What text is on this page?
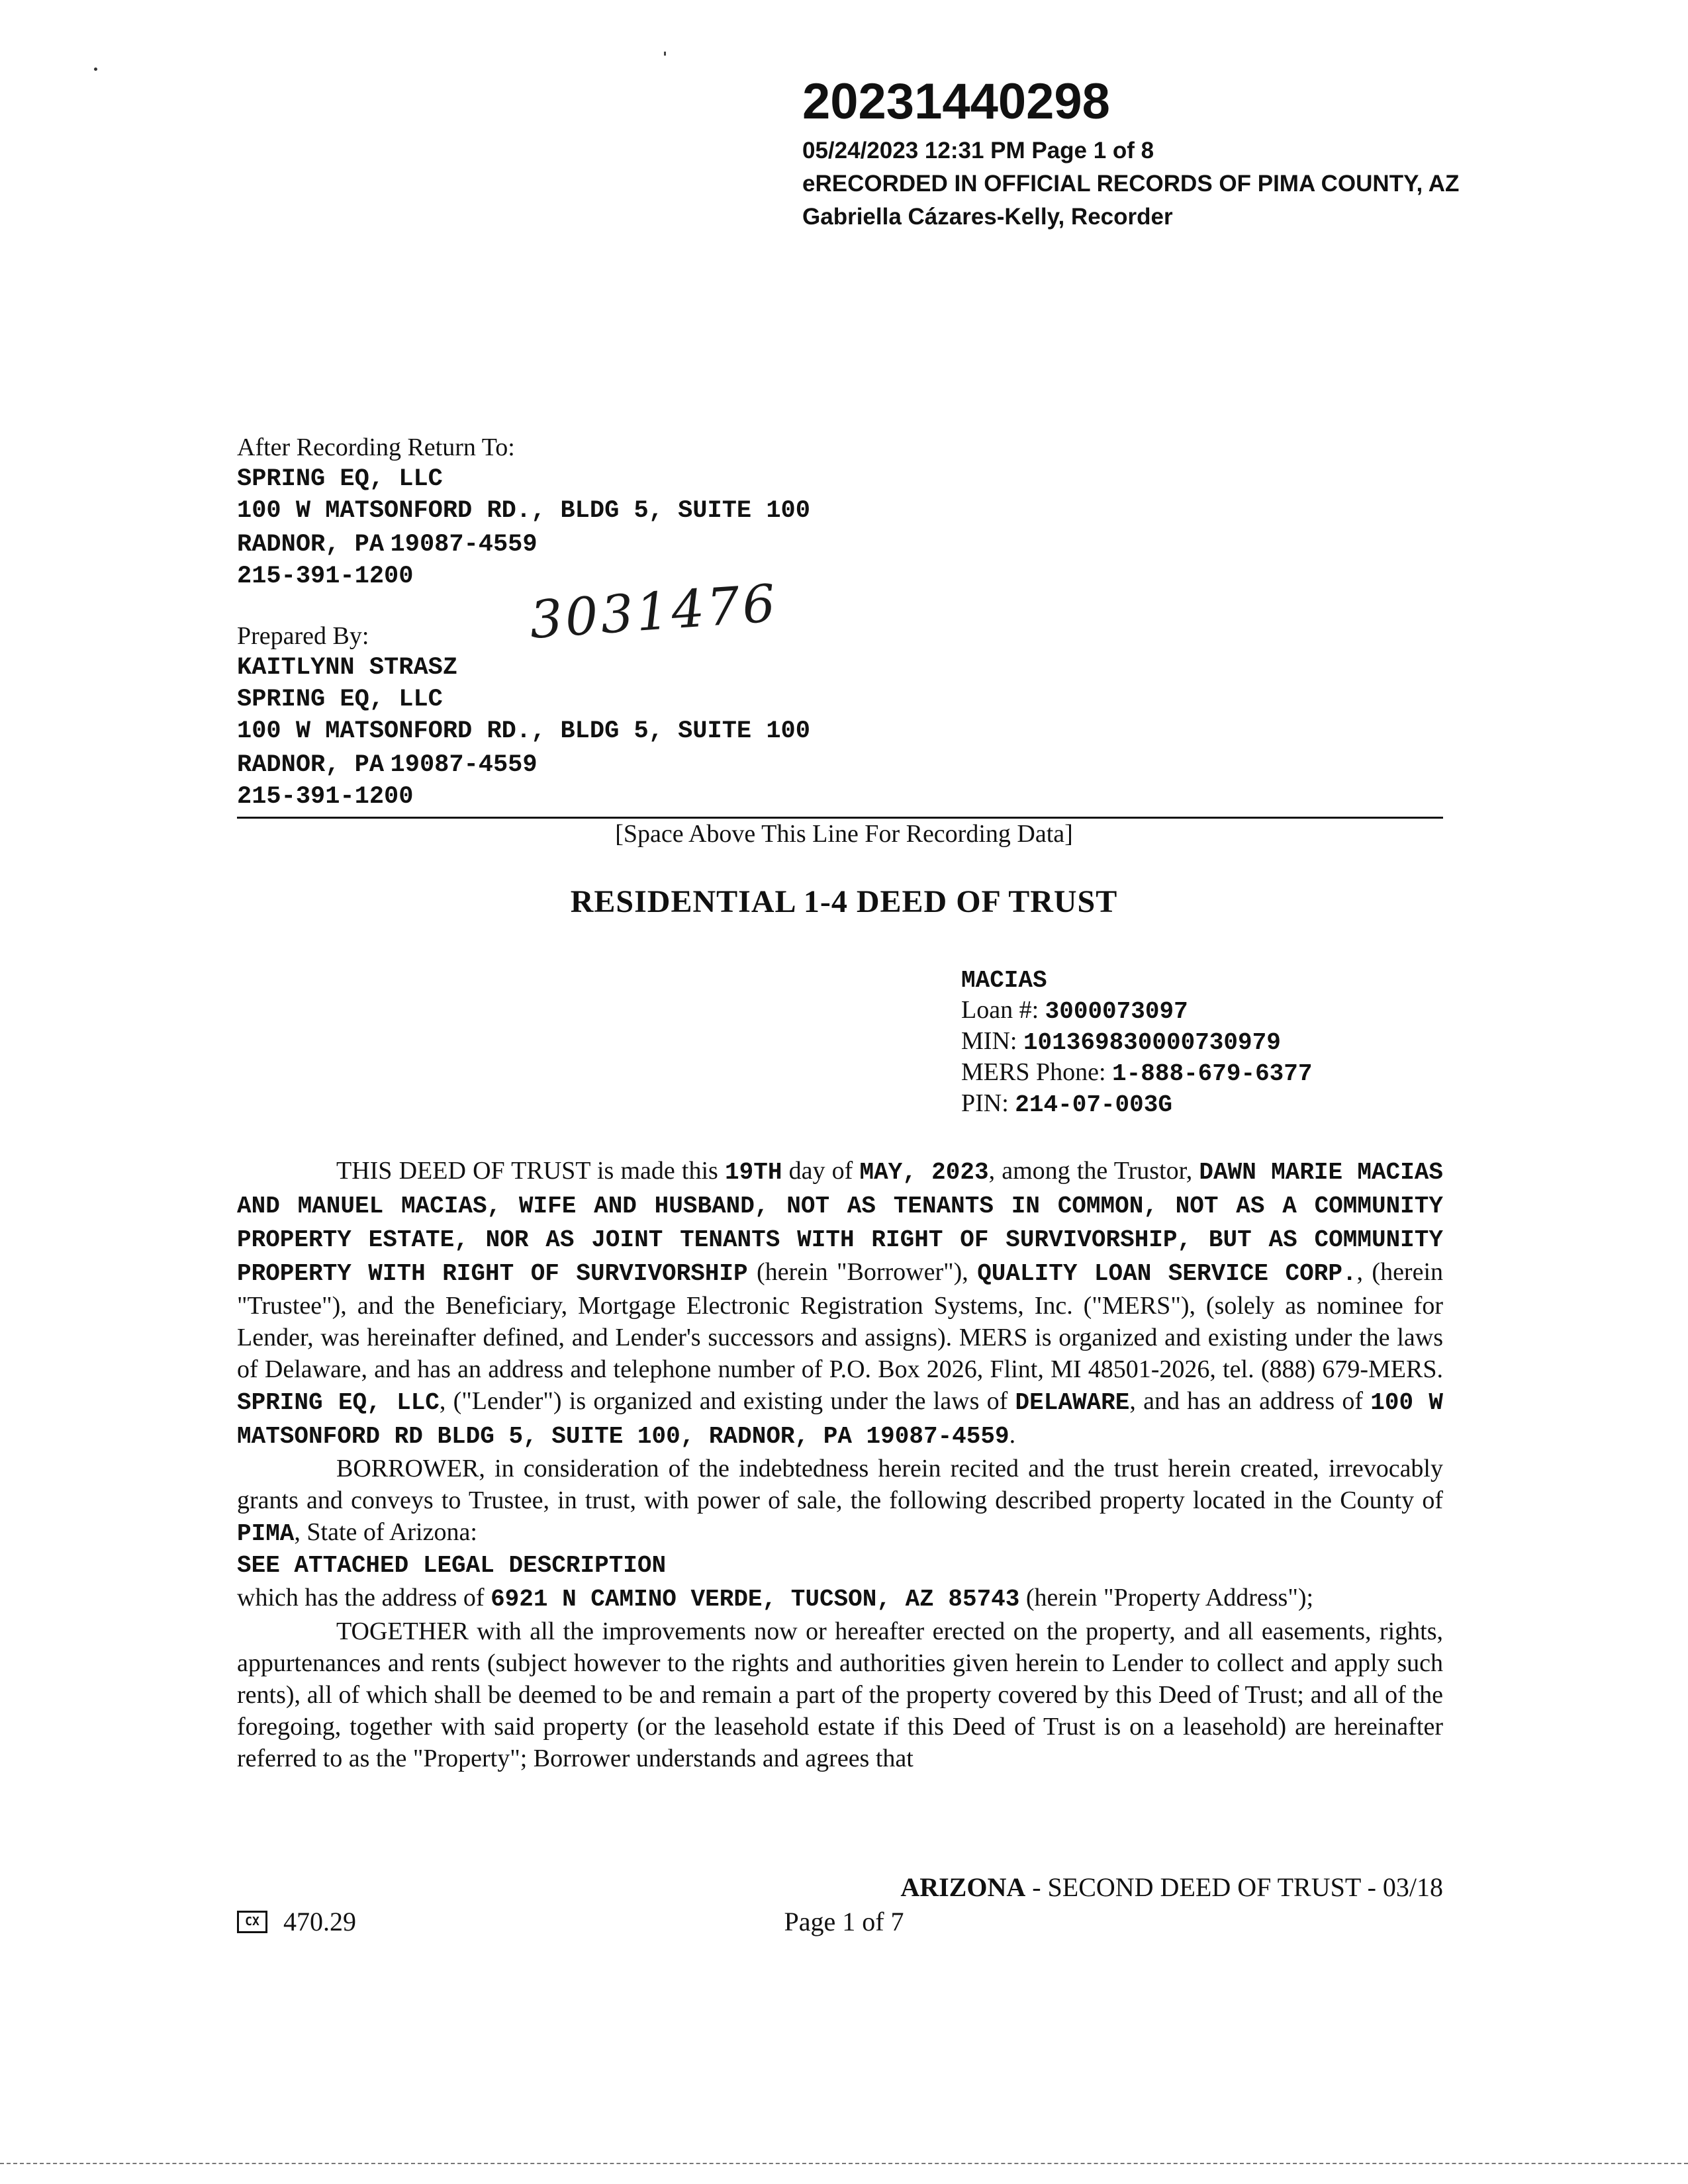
20231440298
05/24/2023 12:31 PM Page 1 of 8
eRECORDED IN OFFICIAL RECORDS OF PIMA COUNTY, AZ
Gabriella Cázares-Kelly, Recorder
After Recording Return To:
SPRING EQ, LLC
100 W MATSONFORD RD., BLDG 5, SUITE 100
RADNOR, PA 19087-4559
215-391-1200	3031476
Prepared By:
KAITLYNN STRASZ
SPRING EQ, LLC
100 W MATSONFORD RD., BLDG 5, SUITE 100
RADNOR, PA 19087-4559
215-391-1200
[Space Above This Line For Recording Data]
RESIDENTIAL 1-4 DEED OF TRUST
MACIAS
Loan #: 3000073097
MIN: 101369830000730979
MERS Phone: 1-888-679-6377
PIN: 214-07-003G

THIS DEED OF TRUST is made this 19TH day of MAY, 2023, among the Trustor, DAWN MARIE MACIAS AND MANUEL MACIAS, WIFE AND HUSBAND, NOT AS TENANTS IN COMMON, NOT AS A COMMUNITY PROPERTY ESTATE, NOR AS JOINT TENANTS WITH RIGHT OF SURVIVORSHIP, BUT AS COMMUNITY PROPERTY WITH RIGHT OF SURVIVORSHIP (herein "Borrower"), QUALITY LOAN SERVICE CORP., (herein "Trustee"), and the Beneficiary, Mortgage Electronic Registration Systems, Inc. ("MERS"), (solely as nominee for Lender, was hereinafter defined, and Lender's successors and assigns). MERS is organized and existing under the laws of Delaware, and has an address and telephone number of P.O. Box 2026, Flint, MI 48501-2026, tel. (888) 679-MERS. SPRING EQ, LLC, ("Lender") is organized and existing under the laws of DELAWARE, and has an address of 100 W MATSONFORD RD BLDG 5, SUITE 100, RADNOR, PA 19087-4559.

BORROWER, in consideration of the indebtedness herein recited and the trust herein created, irrevocably grants and conveys to Trustee, in trust, with power of sale, the following described property located in the County of PIMA, State of Arizona:

SEE ATTACHED LEGAL DESCRIPTION

which has the address of 6921 N CAMINO VERDE, TUCSON, AZ 85743 (herein "Property Address");

TOGETHER with all the improvements now or hereafter erected on the property, and all easements, rights, appurtenances and rents (subject however to the rights and authorities given herein to Lender to collect and apply such rents), all of which shall be deemed to be and remain a part of the property covered by this Deed of Trust; and all of the foregoing, together with said property (or the leasehold estate if this Deed of Trust is on a leasehold) are hereinafter referred to as the "Property"; Borrower understands and agrees that

ARIZONA - SECOND DEED OF TRUST - 03/18
CX 470.29	Page 1 of 7
